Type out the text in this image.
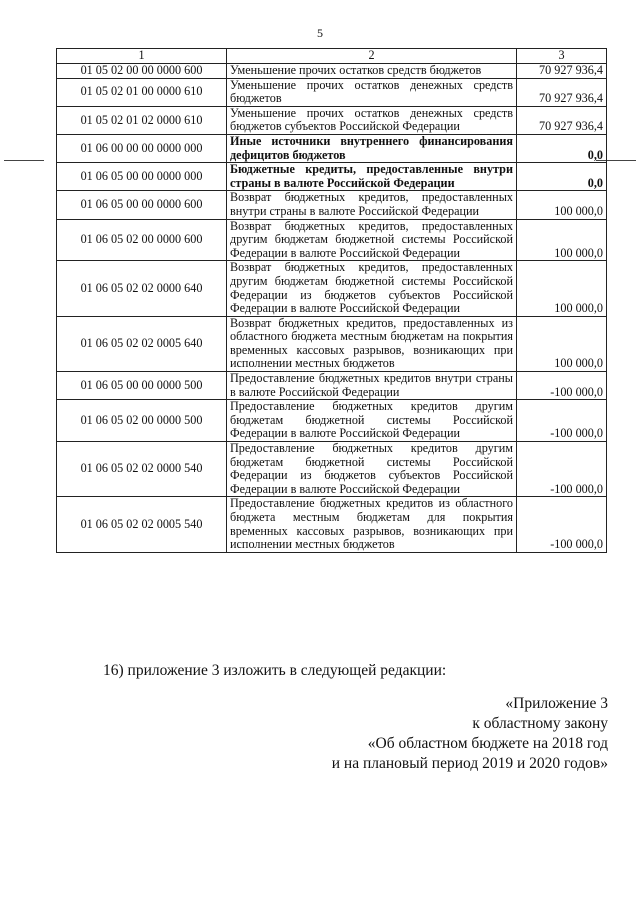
5
1	2	3
01 05 02 00 00 0000 600	Уменьшение прочих остатков средств бюджетов	70 927 936,4
01 05 02 01 00 0000 610	Уменьшение прочих остатков денежных средств бюджетов	70 927 936,4
01 05 02 01 02 0000 610	Уменьшение прочих остатков денежных средств бюджетов субъектов Российской Федерации	70 927 936,4
01 06 00 00 00 0000 000	Иные источники внутреннего финансирования дефицитов бюджетов	0,0
01 06 05 00 00 0000 000	Бюджетные кредиты, предоставленные внутри страны в валюте Российской Федерации	0,0
01 06 05 00 00 0000 600	Возврат бюджетных кредитов, предоставленных внутри страны в валюте Российской Федерации	100 000,0
01 06 05 02 00 0000 600	Возврат бюджетных кредитов, предоставленных другим бюджетам бюджетной системы Российской Федерации в валюте Российской Федерации	100 000,0
01 06 05 02 02 0000 640	Возврат бюджетных кредитов, предоставленных другим бюджетам бюджетной системы Российской Федерации из бюджетов субъектов Российской Федерации в валюте Российской Федерации	100 000,0
01 06 05 02 02 0005 640	Возврат бюджетных кредитов, предоставленных из областного бюджета местным бюджетам на покрытия временных кассовых разрывов, возникающих при исполнении местных бюджетов	100 000,0
01 06 05 00 00 0000 500	Предоставление бюджетных кредитов внутри страны в валюте Российской Федерации	-100 000,0
01 06 05 02 00 0000 500	Предоставление бюджетных кредитов другим бюджетам бюджетной системы Российской Федерации в валюте Российской Федерации	-100 000,0
01 06 05 02 02 0000 540	Предоставление бюджетных кредитов другим бюджетам бюджетной системы Российской Федерации из бюджетов субъектов Российской Федерации в валюте Российской Федерации	-100 000,0
01 06 05 02 02 0005 540	Предоставление бюджетных кредитов из областного бюджета местным бюджетам для покрытия временных кассовых разрывов, возникающих при исполнении местных бюджетов	-100 000,0

16) приложение 3 изложить в следующей редакции:

«Приложение 3
к областному закону
«Об областном бюджете на 2018 год
и на плановый период 2019 и 2020 годов»
